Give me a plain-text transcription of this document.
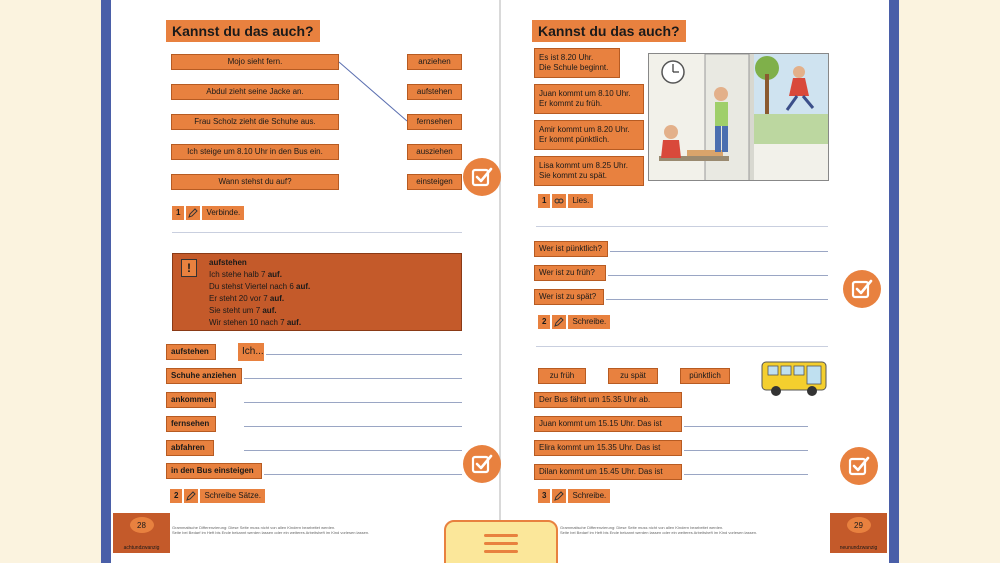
Kannst du das auch?
Mojo sieht fern.
Abdul zieht seine Jacke an.
Frau Scholz zieht die Schuhe aus.
Ich steige um 8.10 Uhr in den Bus ein.
Wann stehst du auf?
anziehen
aufstehen
fernsehen
ausziehen
einsteigen
1	Verbinde.
!	aufstehen
Ich stehe halb 7 auf.
Du stehst Viertel nach 6 auf.
Er steht 20 vor 7 auf.
Sie steht um 7 auf.
Wir stehen 10 nach 7 auf.
aufstehen	Ich...
Schuhe anziehen
ankommen
fernsehen
abfahren
in den Bus einsteigen
2	Schreibe Sätze.
28
achtundzwanzig
Grammatische Differenzierung: Diese Seite muss nicht von allen Kindern bearbeitet werden.
Seite bei Bedarf im Heft bis Ende bekannt werden lassen oder ein weiteres Arbeitsheft im Kind vorlesen lassen.
Kannst du das auch?
Es ist 8.20 Uhr.
Die Schule beginnt.
Juan kommt um 8.10 Uhr.
Er kommt zu früh.
Amir kommt um 8.20 Uhr.
Er kommt pünktlich.
Lisa kommt um 8.25 Uhr.
Sie kommt zu spät.
1	Lies.
Wer ist pünktlich?
Wer ist zu früh?
Wer ist zu spät?
2	Schreibe.
zu früh	zu spät	pünktlich
Der Bus fährt um 15.35 Uhr ab.
Juan kommt um 15.15 Uhr. Das ist
Elira kommt um 15.35 Uhr. Das ist
Dilan kommt um 15.45 Uhr. Das ist
3	Schreibe.
Grammatische Differenzierung: Diese Seite muss nicht von allen Kindern bearbeitet werden.
Seite bei Bedarf im Heft bis Ende bekannt werden lassen oder ein weiteres Arbeitsheft im Kind vorlesen lassen.
29
neunundzwanzig
